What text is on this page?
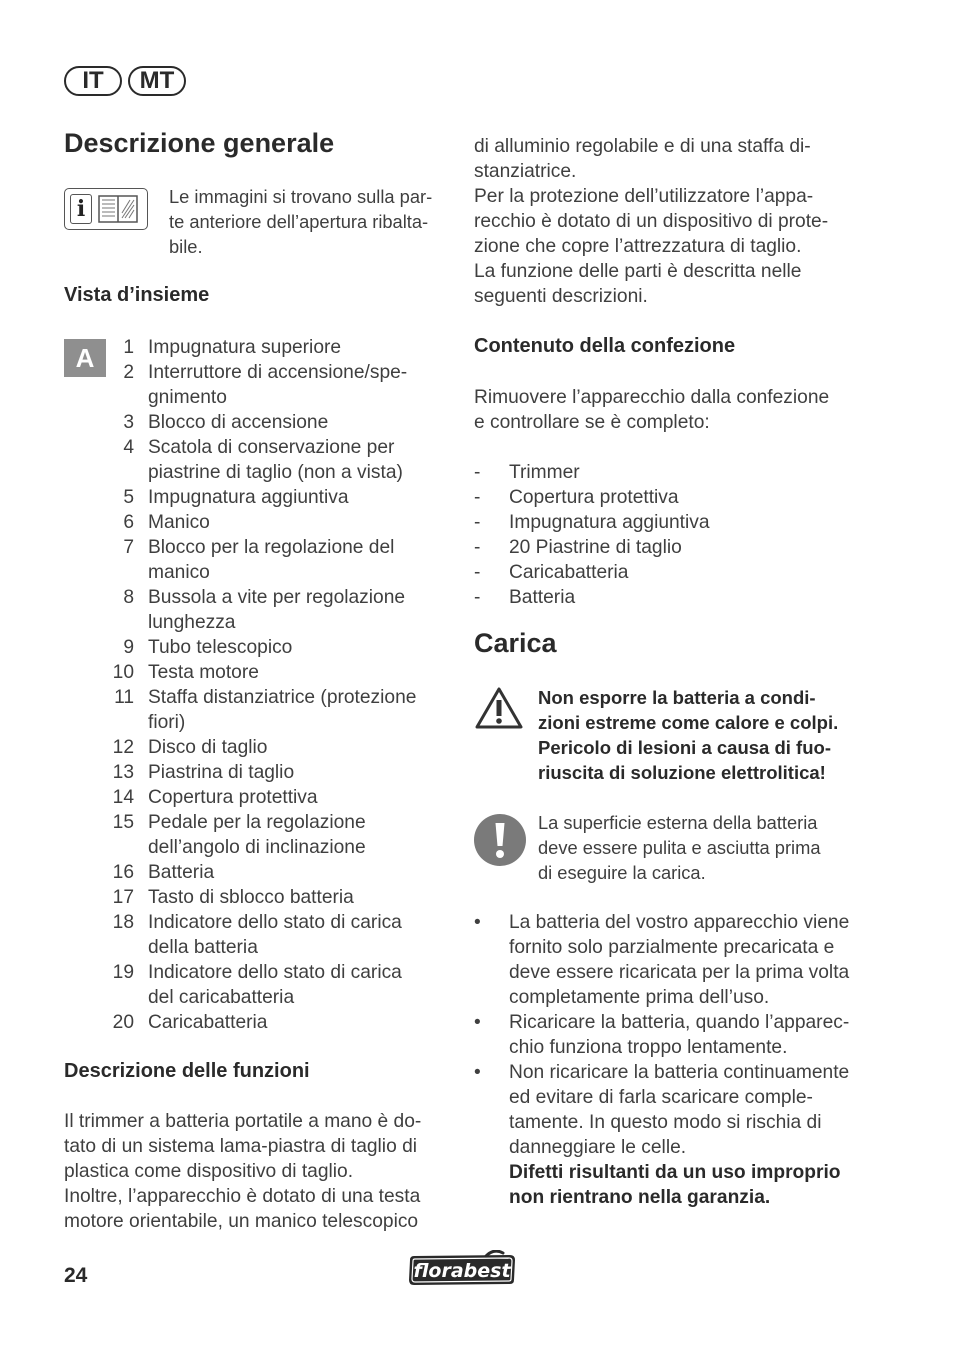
IT	MT
Descrizione generale
i	Le immagini si trovano sulla par-
te anteriore dell’apertura ribalta-
bile.
Vista d’insieme
A	1 Impugnatura superiore
2 Interruttore di accensione/spe-
gnimento
3 Blocco di accensione
4 Scatola di conservazione per
piastrine di taglio (non a vista)
5 Impugnatura aggiuntiva
6 Manico
7 Blocco per la regolazione del
manico
8 Bussola a vite per regolazione
lunghezza
9 Tubo telescopico
10 Testa motore
11 Staffa distanziatrice (protezione
fiori)
12 Disco di taglio
13 Piastrina di taglio
14 Copertura protettiva
15 Pedale per la regolazione
dell’angolo di inclinazione
16 Batteria
17 Tasto di sblocco batteria
18 Indicatore dello stato di carica
della batteria
19 Indicatore dello stato di carica
del caricabatteria
20 Caricabatteria
Descrizione delle funzioni
Il trimmer a batteria portatile a mano è do-
tato di un sistema lama-piastra di taglio di
plastica come dispositivo di taglio.
Inoltre, l’apparecchio è dotato di una testa
motore orientabile, un manico telescopico
di alluminio regolabile e di una staffa di-
stanziatrice.
Per la protezione dell’utilizzatore l’appa-
recchio è dotato di un dispositivo di prote-
zione che copre l’attrezzatura di taglio.
La funzione delle parti è descritta nelle
seguenti descrizioni.
Contenuto della confezione
Rimuovere l’apparecchio dalla confezione
e controllare se è completo:
-	Trimmer
-	Copertura protettiva
-	Impugnatura aggiuntiva
-	20 Piastrine di taglio
-	Caricabatteria
-	Batteria
Carica
Non esporre la batteria a condi-
zioni estreme come calore e colpi.
Pericolo di lesioni a causa di fuo-
riuscita di soluzione elettrolitica!
La superficie esterna della batteria
deve essere pulita e asciutta prima
di eseguire la carica.
•	La batteria del vostro apparecchio viene
fornito solo parzialmente precaricata e
deve essere ricaricata per la prima volta
completamente prima dell’uso.
•	Ricaricare la batteria, quando l’apparec-
chio funziona troppo lentamente.
•	Non ricaricare la batteria continuamente
ed evitare di farla scaricare comple-
tamente. In questo modo si rischia di
danneggiare le celle.
Difetti risultanti da un uso improprio
non rientrano nella garanzia.
24	florabest
